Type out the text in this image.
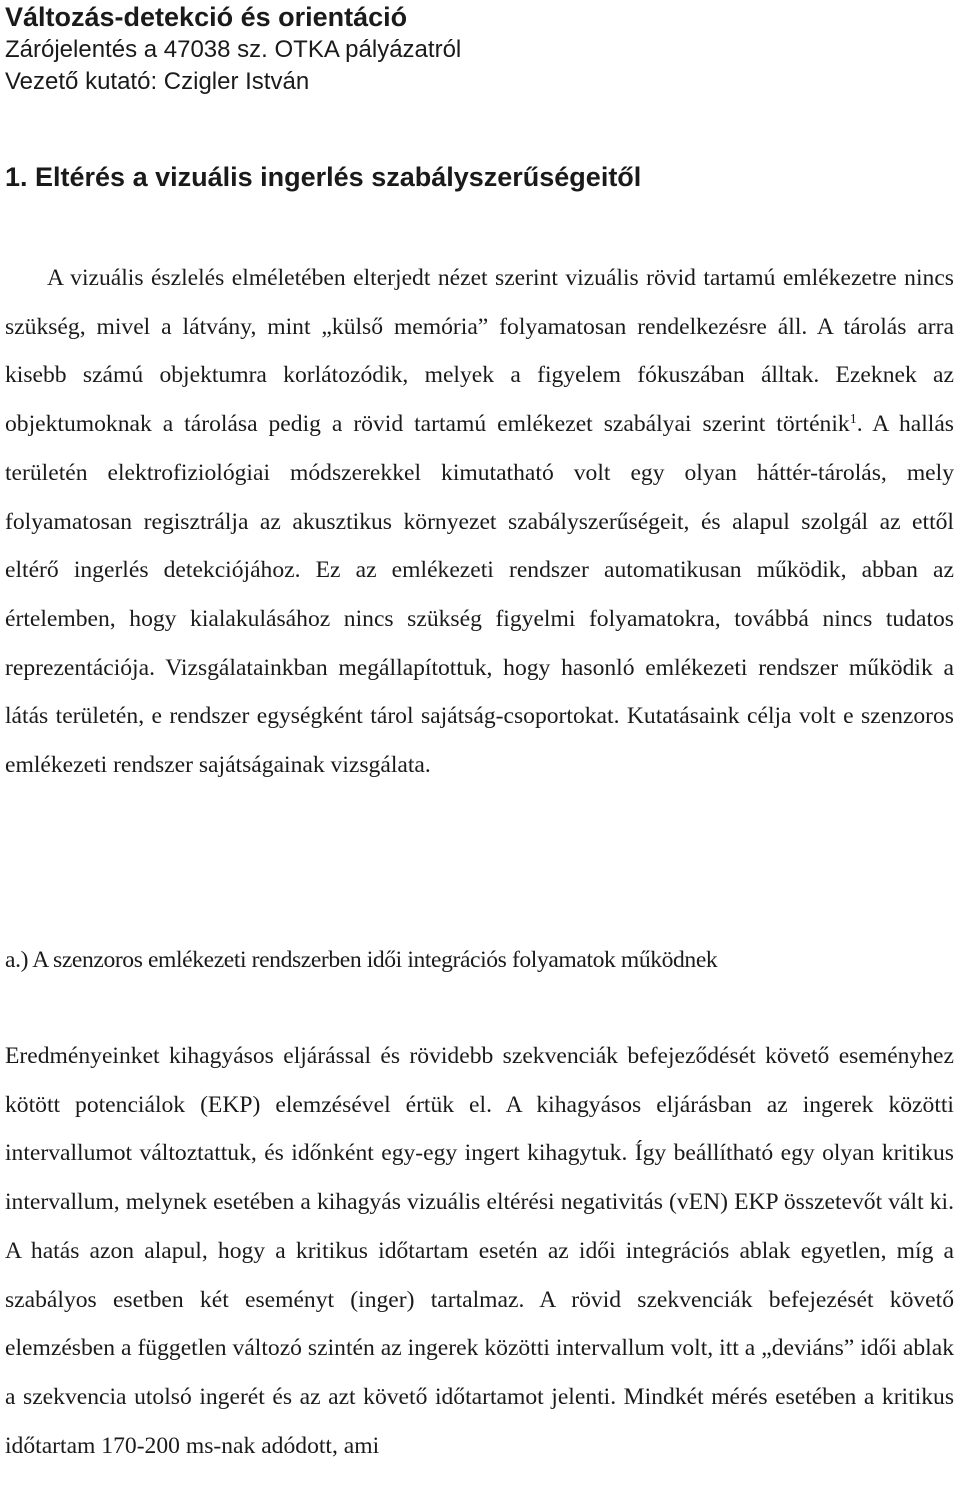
Változás-detekció és orientáció

Zárójelentés a 47038 sz. OTKA pályázatról

Vezető kutató: Czigler István

1. Eltérés a vizuális ingerlés szabályszerűségeitől

A vizuális észlelés elméletében elterjedt nézet szerint vizuális rövid tartamú emlékezetre nincs szükség, mivel a látvány, mint „külső memória” folyamatosan rendelkezésre áll. A tárolás arra kisebb számú objektumra korlátozódik, melyek a figyelem fókuszában álltak. Ezeknek az objektumoknak a tárolása pedig a rövid tartamú emlékezet szabályai szerint történik$^1$. A hallás területén elektrofiziológiai módszerekkel kimutatható volt egy olyan háttér-tárolás, mely folyamatosan regisztrálja az akusztikus környezet szabályszerűségeit, és alapul szolgál az ettől eltérő ingerlés detekciójához. Ez az emlékezeti rendszer automatikusan működik, abban az értelemben, hogy kialakulásához nincs szükség figyelmi folyamatokra, továbbá nincs tudatos reprezentációja. Vizsgálatainkban megállapítottuk, hogy hasonló emlékezeti rendszer működik a látás területén, e rendszer egységként tárol sajátság-csoportokat. Kutatásaink célja volt e szenzoros emlékezeti rendszer sajátságainak vizsgálata.

a.) A szenzoros emlékezeti rendszerben idői integrációs folyamatok működnek

Eredményeinket kihagyásos eljárással és rövidebb szekvenciák befejeződését követő eseményhez kötött potenciálok (EKP) elemzésével értük el. A kihagyásos eljárásban az ingerek közötti intervallumot változtattuk, és időnként egy-egy ingert kihagytuk. Így beállítható egy olyan kritikus intervallum, melynek esetében a kihagyás vizuális eltérési negativitás (vEN) EKP összetevőt vált ki. A hatás azon alapul, hogy a kritikus időtartam esetén az idői integrációs ablak egyetlen, míg a szabályos esetben két eseményt (inger) tartalmaz. A rövid szekvenciák befejezését követő elemzésben a független változó szintén az ingerek közötti intervallum volt, itt a „deviáns” idői ablak a szekvencia utolsó ingerét és az azt követő időtartamot jelenti. Mindkét mérés esetében a kritikus időtartam 170-200 ms-nak adódott, ami
